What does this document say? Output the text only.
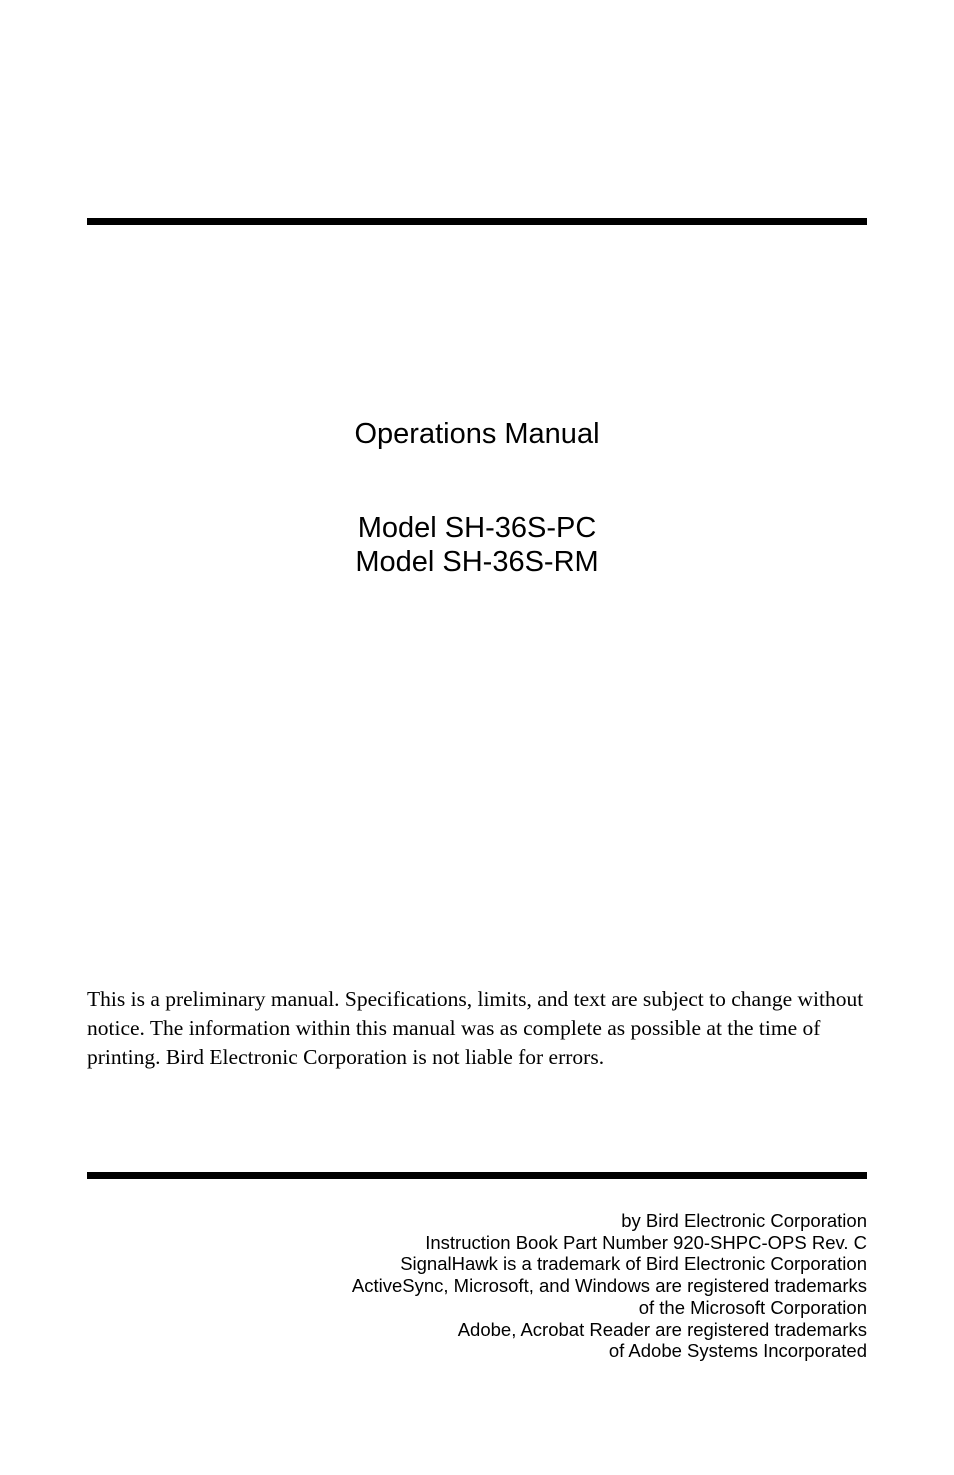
Operations Manual
Model SH-36S-PC
Model SH-36S-RM
This is a preliminary manual. Specifications, limits, and text are subject to change without notice. The information within this manual was as complete as possible at the time of printing. Bird Electronic Corporation is not liable for errors.
by Bird Electronic Corporation
Instruction Book Part Number 920-SHPC-OPS Rev. C
SignalHawk is a trademark of Bird Electronic Corporation
ActiveSync, Microsoft, and Windows are registered trademarks
of the Microsoft Corporation
Adobe, Acrobat Reader are registered trademarks
of Adobe Systems Incorporated
